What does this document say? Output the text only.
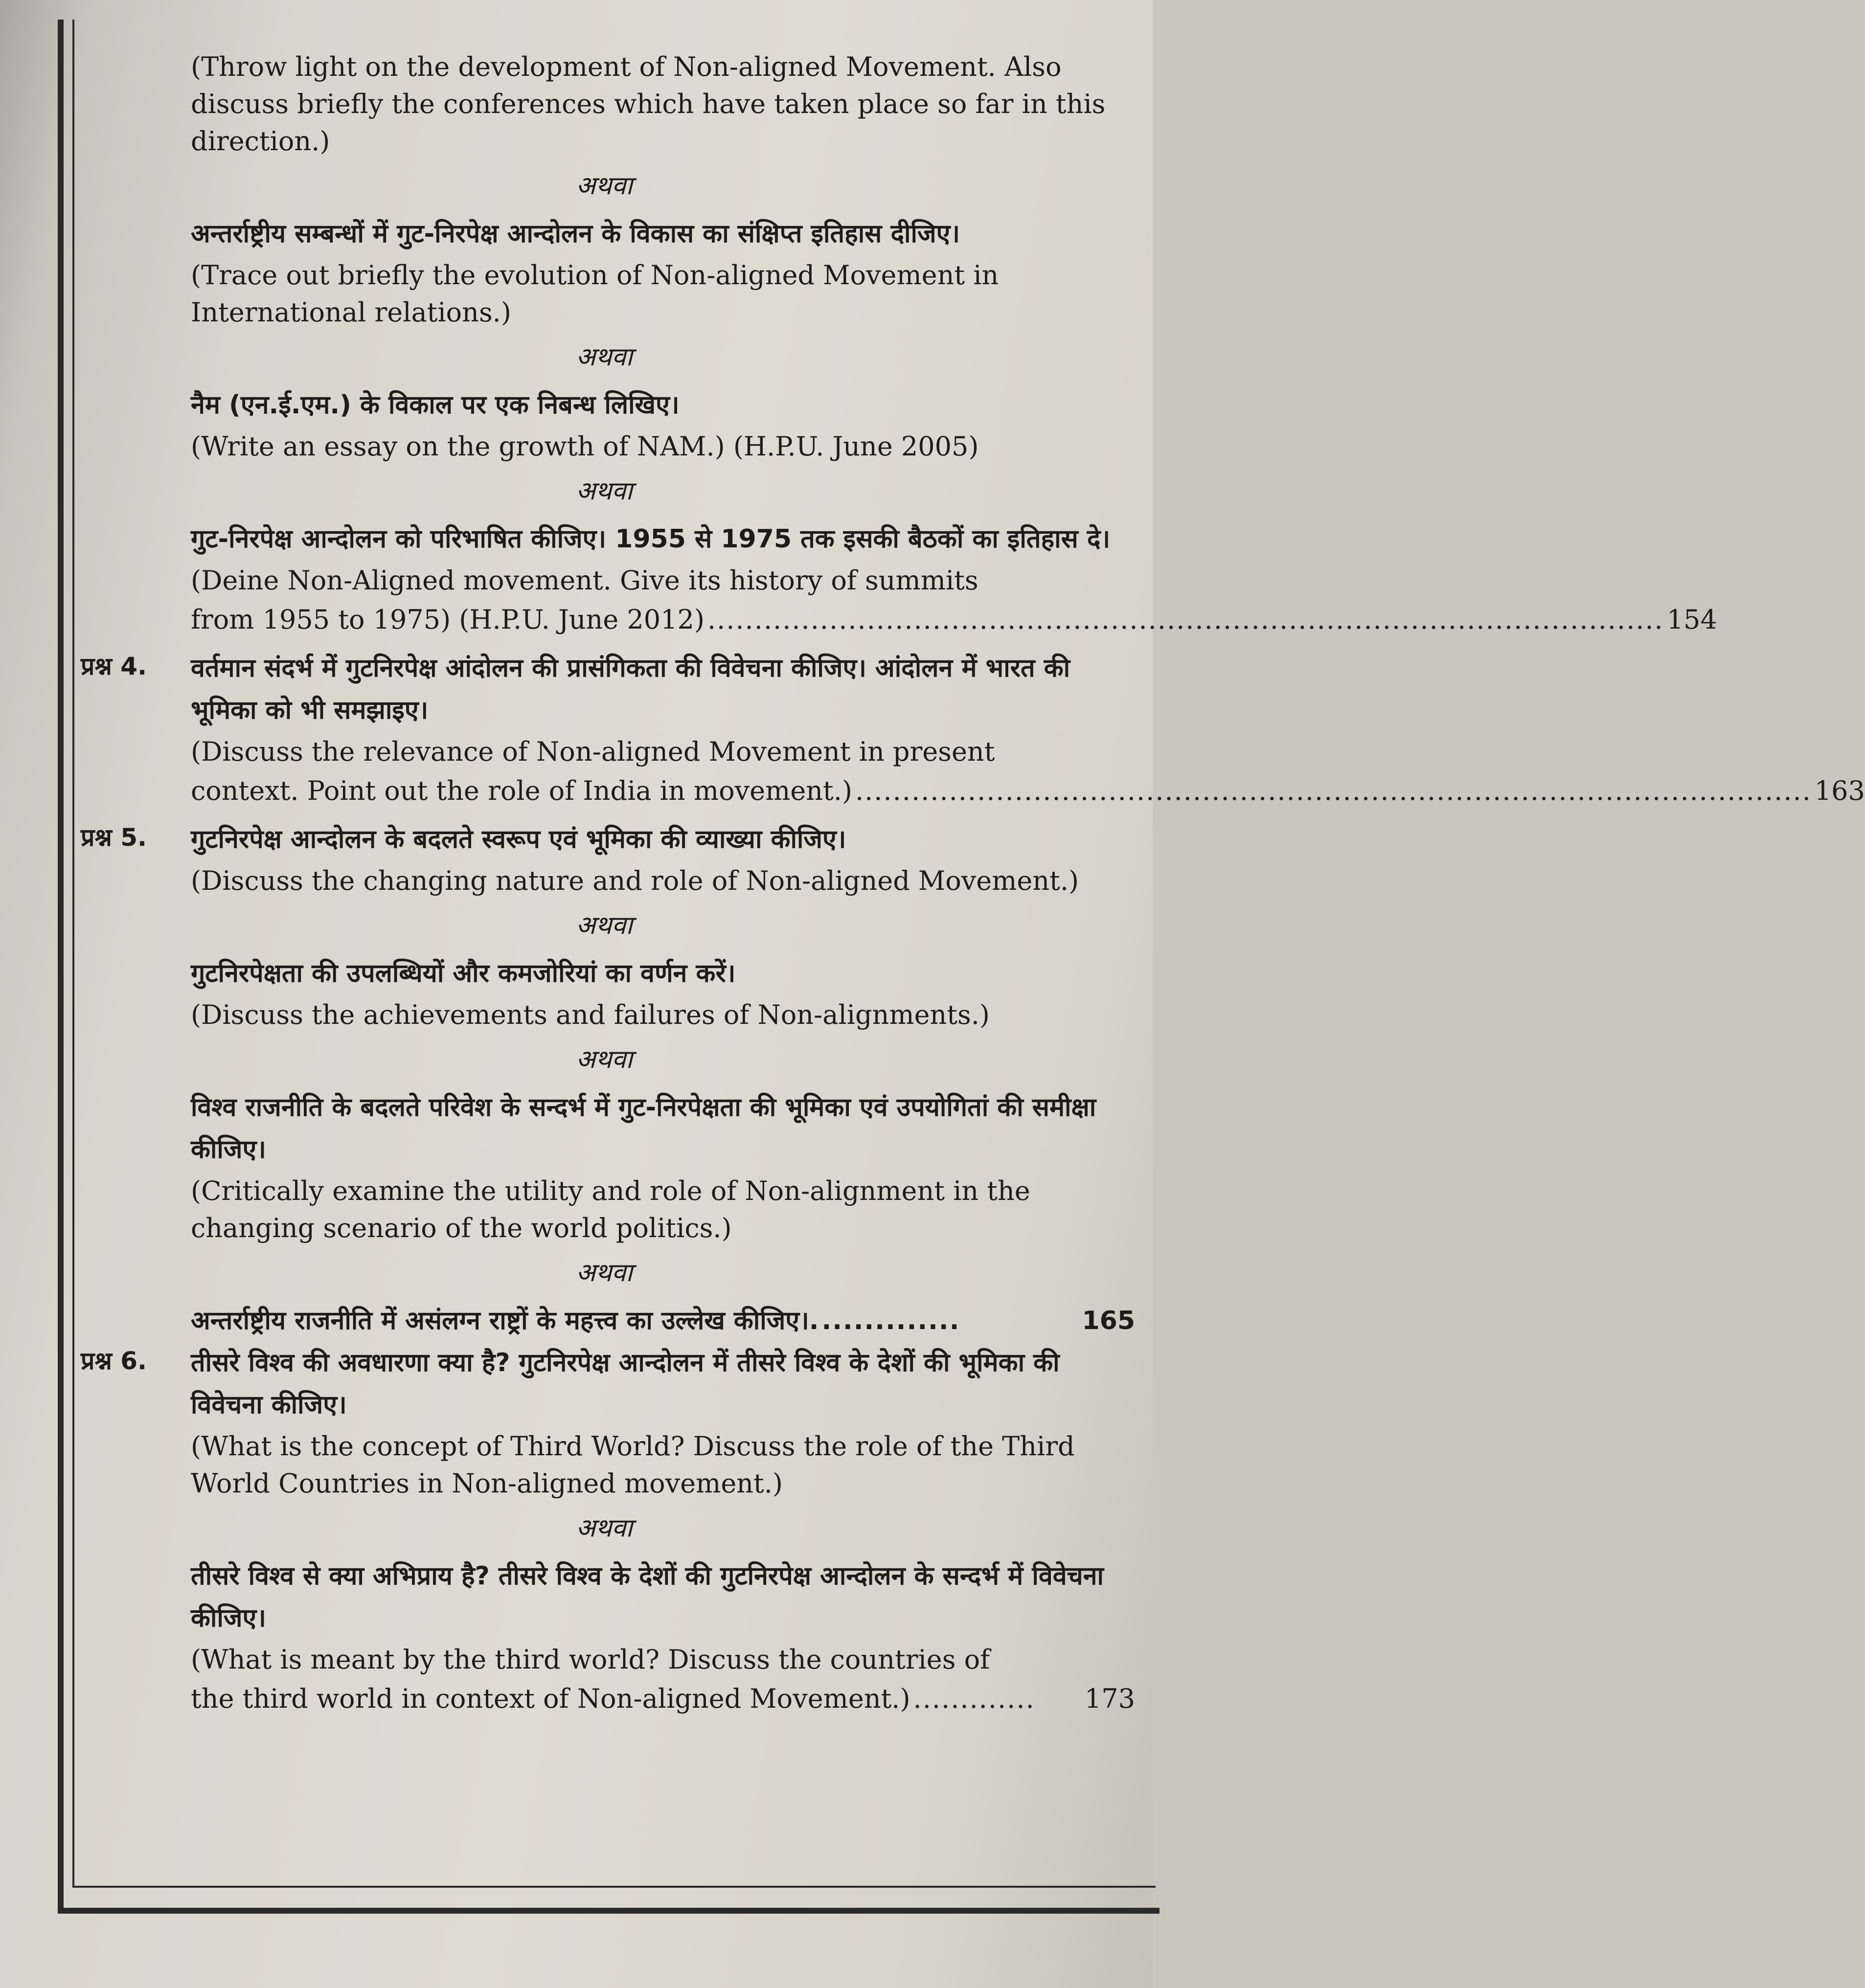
(Throw light on the development of Non-aligned Movement. Also discuss briefly the conferences which have taken place so far in this direction.)

अथवा

अन्तर्राष्ट्रीय सम्बन्धों में गुट-निरपेक्ष आन्दोलन के विकास का संक्षिप्त इतिहास दीजिए।

(Trace out briefly the evolution of Non-aligned Movement in International relations.)

अथवा

नैम (एन.ई.एम.) के विकाल पर एक निबन्ध लिखिए।

(Write an essay on the growth of NAM.) (H.P.U. June 2005)

अथवा

गुट-निरपेक्ष आन्दोलन को परिभाषित कीजिए। 1955 से 1975 तक इसकी बैठकों का इतिहास दे।

(Deine Non-Aligned movement. Give its history of summits

from 1955 to 1975) (H.P.U. June 2012) ...................................................................................................... 154
प्रश्न 4. वर्तमान संदर्भ में गुटनिरपेक्ष आंदोलन की प्रासंगिकता की विवेचना कीजिए। आंदोलन में भारत की भूमिका को भी समझाइए।

(Discuss the relevance of Non-aligned Movement in present

context. Point out the role of India in movement.) ...................................................................................................... 163
प्रश्न 5. गुटनिरपेक्ष आन्दोलन के बदलते स्वरूप एवं भूमिका की व्याख्या कीजिए।

(Discuss the changing nature and role of Non-aligned Movement.)

अथवा

गुटनिरपेक्षता की उपलब्धियों और कमजोरियां का वर्णन करें।

(Discuss the achievements and failures of Non-alignments.)

अथवा

विश्व राजनीति के बदलते परिवेश के सन्दर्भ में गुट-निरपेक्षता की भूमिका एवं उपयोगितां की समीक्षा कीजिए।

(Critically examine the utility and role of Non-alignment in the changing scenario of the world politics.)

अथवा
अन्तर्राष्ट्रीय राजनीति में असंलग्न राष्ट्रों के महत्त्व का उल्लेख कीजिए।. .............	165
प्रश्न 6. तीसरे विश्व की अवधारणा क्या है? गुटनिरपेक्ष आन्दोलन में तीसरे विश्व के देशों की भूमिका की विवेचना कीजिए।

(What is the concept of Third World? Discuss the role of the Third World Countries in Non-aligned movement.)

अथवा

तीसरे विश्व से क्या अभिप्राय है? तीसरे विश्व के देशों की गुटनिरपेक्ष आन्दोलन के सन्दर्भ में विवेचना कीजिए।

(What is meant by the third world? Discuss the countries of

the third world in context of Non-aligned Movement.) .............	173
